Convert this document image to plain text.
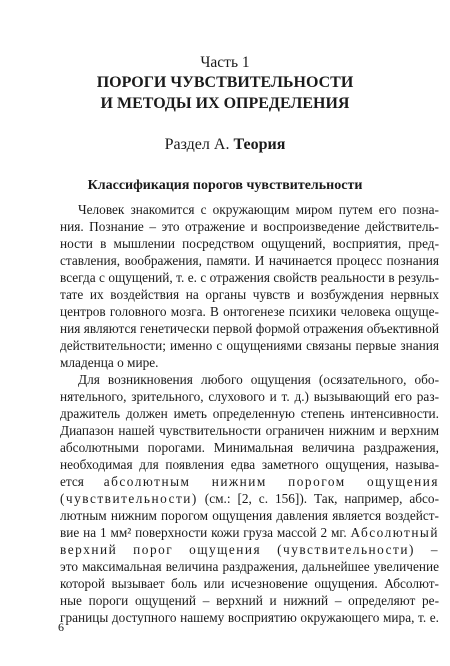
Часть 1
ПОРОГИ ЧУВСТВИТЕЛЬНОСТИ
И МЕТОДЫ ИХ ОПРЕДЕЛЕНИЯ
Раздел А. Теория
Классификация порогов чувствительности
Человек знакомится с окружающим миром путем его позна-
ния. Познание – это отражение и воспроизведение действитель-
ности в мышлении посредством ощущений, восприятия, пред-
ставления, воображения, памяти. И начинается процесс познания
всегда с ощущений, т. е. с отражения свойств реальности в резуль-
тате их воздействия на органы чувств и возбуждения нервных
центров головного мозга. В онтогенезе психики человека ощуще-
ния являются генетически первой формой отражения объективной
действительности; именно с ощущениями связаны первые знания
младенца о мире.
Для возникновения любого ощущения (осязательного, обо-
нятельного, зрительного, слухового и т. д.) вызывающий его раз-
дражитель должен иметь определенную степень интенсивности.
Диапазон нашей чувствительности ограничен нижним и верхним
абсолютными порогами. Минимальная величина раздражения,
необходимая для появления едва заметного ощущения, называ-
ется абсолютным нижним порогом ощущения
(чувствительности) (см.: [2, с. 156]). Так, например, абсо-
лютным нижним порогом ощущения давления является воздейст-
вие на 1 мм² поверхности кожи груза массой 2 мг. Абсолютный
верхний порог ощущения (чувствительности) –
это максимальная величина раздражения, дальнейшее увеличение
которой вызывает боль или исчезновение ощущения. Абсолют-
ные пороги ощущений – верхний и нижний – определяют ре-
границы доступного нашему восприятию окружающего мира, т. е.
6
